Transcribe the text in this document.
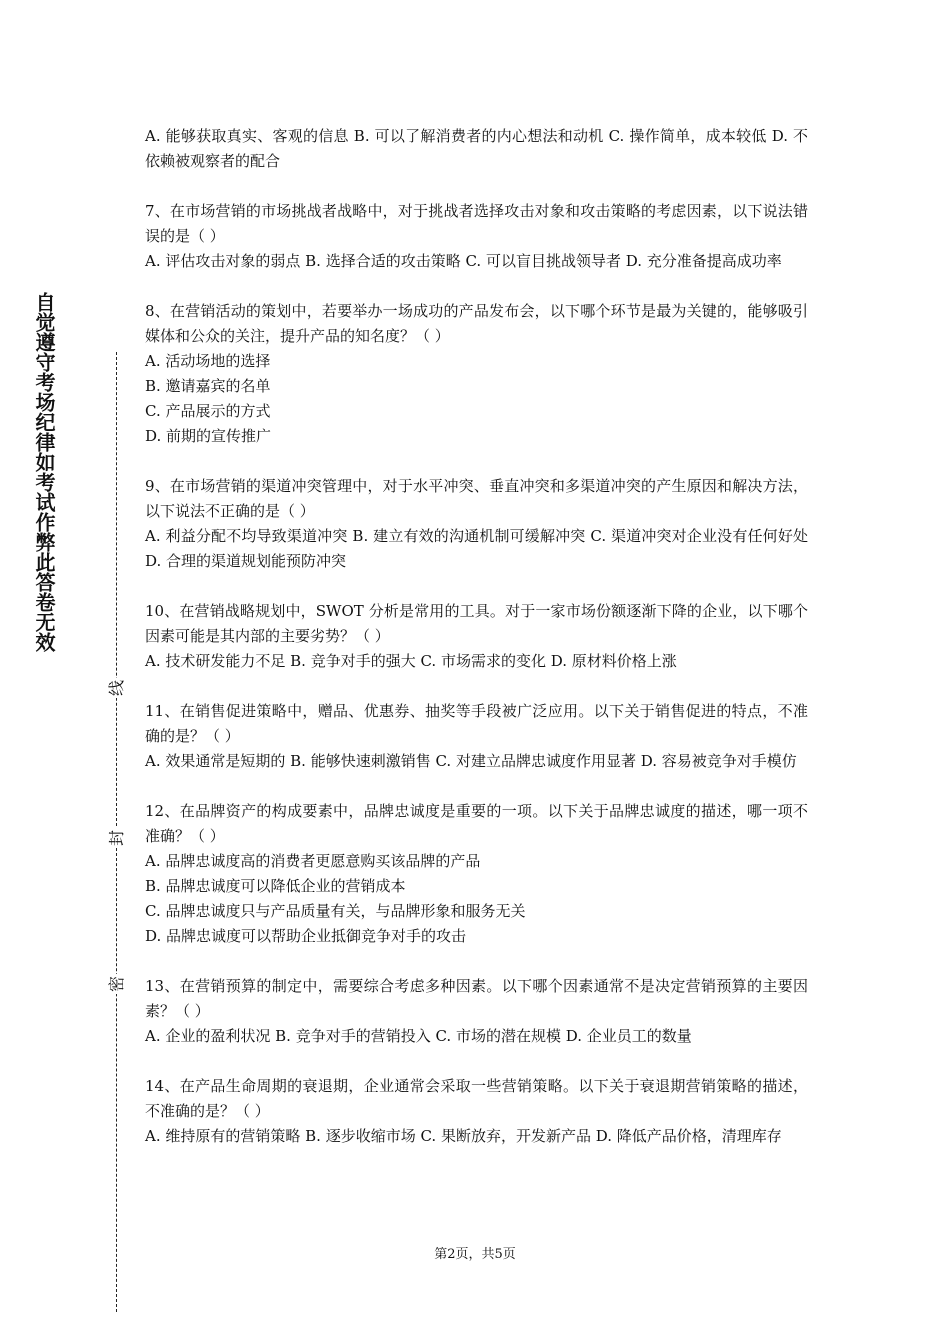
自觉遵守考场纪律如考试作弊此答卷无效
线
封
密

A. 能够获取真实、客观的信息 B. 可以了解消费者的内心想法和动机 C. 操作简单，成本较低 D. 不依赖被观察者的配合

7、在市场营销的市场挑战者战略中，对于挑战者选择攻击对象和攻击策略的考虑因素，以下说法错误的是（ ）

A. 评估攻击对象的弱点 B. 选择合适的攻击策略 C. 可以盲目挑战领导者 D. 充分准备提高成功率

8、在营销活动的策划中，若要举办一场成功的产品发布会，以下哪个环节是最为关键的，能够吸引媒体和公众的关注，提升产品的知名度？（ ）

A. 活动场地的选择

B. 邀请嘉宾的名单

C. 产品展示的方式

D. 前期的宣传推广

9、在市场营销的渠道冲突管理中，对于水平冲突、垂直冲突和多渠道冲突的产生原因和解决方法，以下说法不正确的是（ ）

A. 利益分配不均导致渠道冲突 B. 建立有效的沟通机制可缓解冲突 C. 渠道冲突对企业没有任何好处 D. 合理的渠道规划能预防冲突

10、在营销战略规划中，SWOT 分析是常用的工具。对于一家市场份额逐渐下降的企业，以下哪个因素可能是其内部的主要劣势？（ ）

A. 技术研发能力不足 B. 竞争对手的强大 C. 市场需求的变化 D. 原材料价格上涨

11、在销售促进策略中，赠品、优惠券、抽奖等手段被广泛应用。以下关于销售促进的特点，不准确的是？（ ）

A. 效果通常是短期的 B. 能够快速刺激销售 C. 对建立品牌忠诚度作用显著 D. 容易被竞争对手模仿

12、在品牌资产的构成要素中，品牌忠诚度是重要的一项。以下关于品牌忠诚度的描述，哪一项不准确？（ ）

A. 品牌忠诚度高的消费者更愿意购买该品牌的产品

B. 品牌忠诚度可以降低企业的营销成本

C. 品牌忠诚度只与产品质量有关，与品牌形象和服务无关

D. 品牌忠诚度可以帮助企业抵御竞争对手的攻击

13、在营销预算的制定中，需要综合考虑多种因素。以下哪个因素通常不是决定营销预算的主要因素？（ ）

A. 企业的盈利状况 B. 竞争对手的营销投入 C. 市场的潜在规模 D. 企业员工的数量

14、在产品生命周期的衰退期，企业通常会采取一些营销策略。以下关于衰退期营销策略的描述，不准确的是？（ ）

A. 维持原有的营销策略 B. 逐步收缩市场 C. 果断放弃，开发新产品 D. 降低产品价格，清理库存

第2页，共5页
